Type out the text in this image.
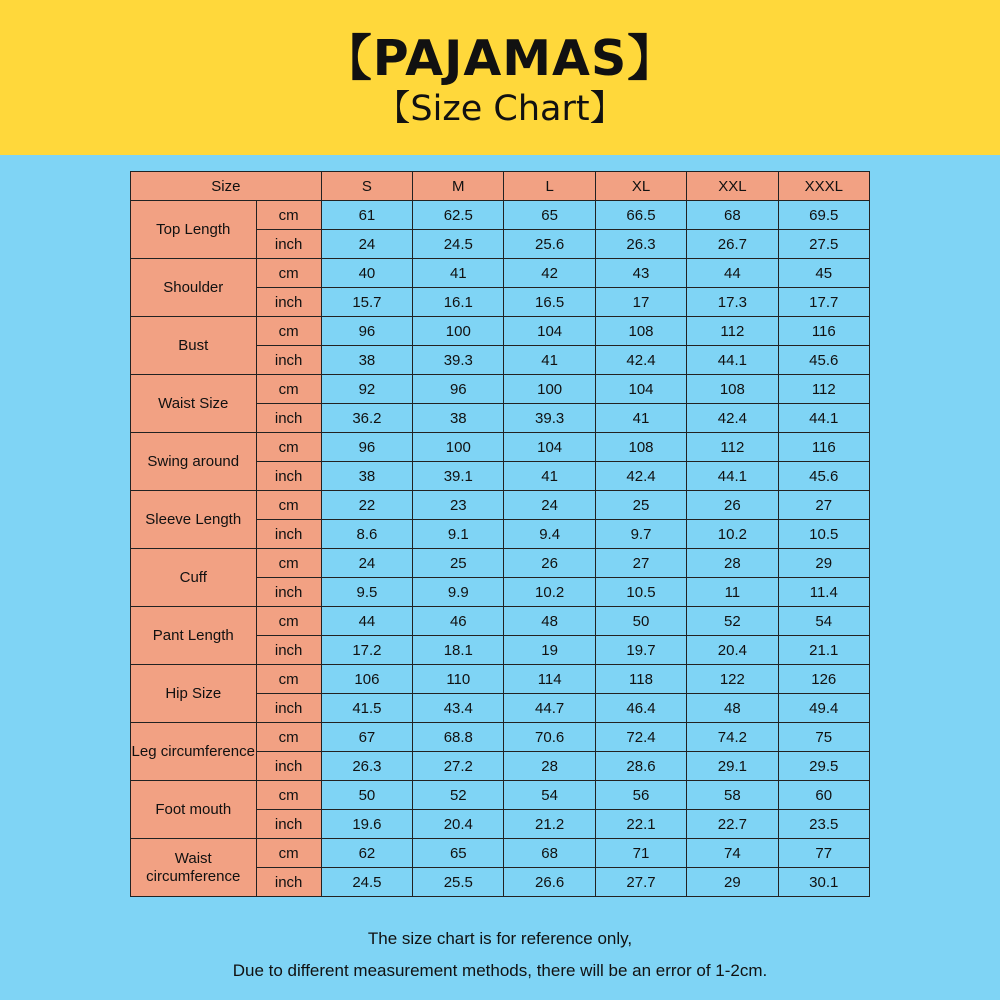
【PAJAMAS】
【Size Chart】
Size		S	M	L	XL	XXL	XXXL
Top Length	cm	61	62.5	65	66.5	68	69.5
	inch	24	24.5	25.6	26.3	26.7	27.5
Shoulder	cm	40	41	42	43	44	45
	inch	15.7	16.1	16.5	17	17.3	17.7
Bust	cm	96	100	104	108	112	116
	inch	38	39.3	41	42.4	44.1	45.6
Waist Size	cm	92	96	100	104	108	112
	inch	36.2	38	39.3	41	42.4	44.1
Swing around	cm	96	100	104	108	112	116
	inch	38	39.1	41	42.4	44.1	45.6
Sleeve Length	cm	22	23	24	25	26	27
	inch	8.6	9.1	9.4	9.7	10.2	10.5
Cuff	cm	24	25	26	27	28	29
	inch	9.5	9.9	10.2	10.5	11	11.4
Pant Length	cm	44	46	48	50	52	54
	inch	17.2	18.1	19	19.7	20.4	21.1
Hip Size	cm	106	110	114	118	122	126
	inch	41.5	43.4	44.7	46.4	48	49.4
Leg circumference	cm	67	68.8	70.6	72.4	74.2	75
	inch	26.3	27.2	28	28.6	29.1	29.5
Foot mouth	cm	50	52	54	56	58	60
	inch	19.6	20.4	21.2	22.1	22.7	23.5
Waist circumference	cm	62	65	68	71	74	77
	inch	24.5	25.5	26.6	27.7	29	30.1
The size chart is for reference only,
Due to different measurement methods, there will be an error of 1-2cm.
